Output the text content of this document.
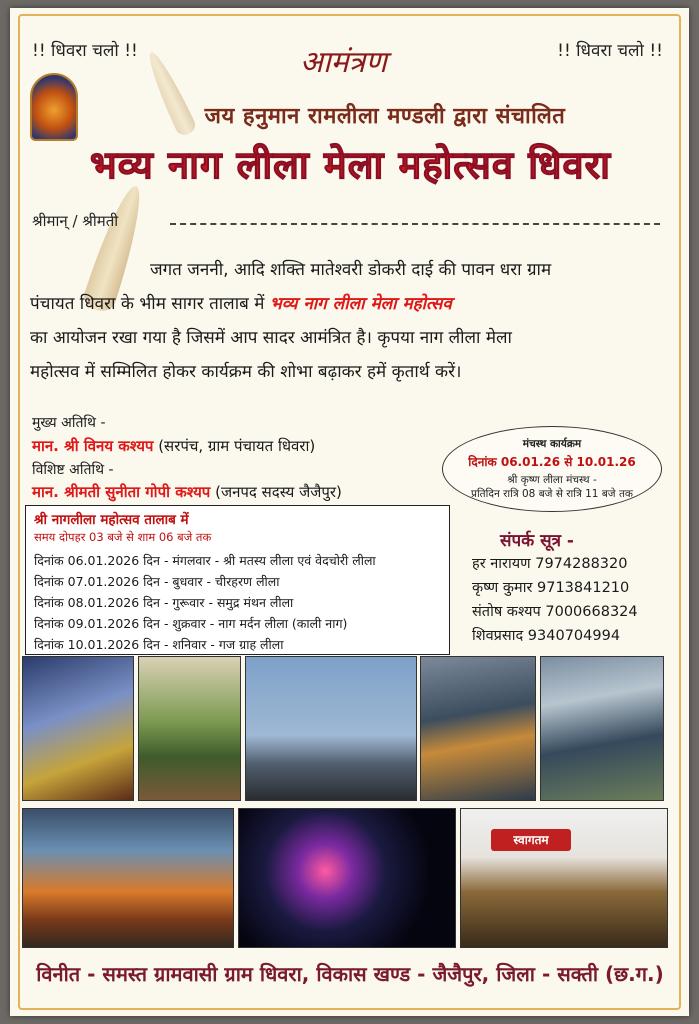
!! धिवरा चलो !!	!! धिवरा चलो !!
आमंत्रण
जय हनुमान रामलीला मण्डली द्वारा संचालित
भव्य नाग लीला मेला महोत्सव धिवरा
श्रीमान् / श्रीमती
जगत जननी, आदि शक्ति मातेश्वरी डोकरी दाई की पावन धरा ग्राम
पंचायत धिवरा के भीम सागर तालाब में भव्य नाग लीला मेला महोत्सव
का आयोजन रखा गया है जिसमें आप सादर आमंत्रित है। कृपया नाग लीला मेला
महोत्सव में सम्मिलित होकर कार्यक्रम की शोभा बढ़ाकर हमें कृतार्थ करें।
मुख्य अतिथि -
मान. श्री विनय कश्यप (सरपंच, ग्राम पंचायत धिवरा)
विशिष्ट अतिथि -
मान. श्रीमती सुनीता गोपी कश्यप (जनपद सदस्य जैजैपुर)
मंचस्थ कार्यक्रम
दिनांक 06.01.26 से 10.01.26
श्री कृष्ण लीला मंचस्थ -
प्रतिदिन रात्रि 08 बजे से रात्रि 11 बजे तक
श्री नागलीला महोत्सव तालाब में
समय दोपहर 03 बजे से शाम 06 बजे तक
दिनांक 06.01.2026 दिन - मंगलवार - श्री मतस्य लीला एवं वेदचोरी लीला
दिनांक 07.01.2026 दिन - बुधवार - चीरहरण लीला
दिनांक 08.01.2026 दिन - गुरूवार - समुद्र मंथन लीला
दिनांक 09.01.2026 दिन - शुक्रवार - नाग मर्दन लीला (काली नाग)
दिनांक 10.01.2026 दिन - शनिवार - गज ग्राह लीला
संपर्क सूत्र -
हर नारायण 7974288320
कृष्ण कुमार 9713841210
संतोष कश्यप 7000668324
शिवप्रसाद 9340704994
स्वागतम
विनीत - समस्त ग्रामवासी ग्राम धिवरा, विकास खण्ड - जैजैपुर, जिला - सक्ती (छ.ग.)
